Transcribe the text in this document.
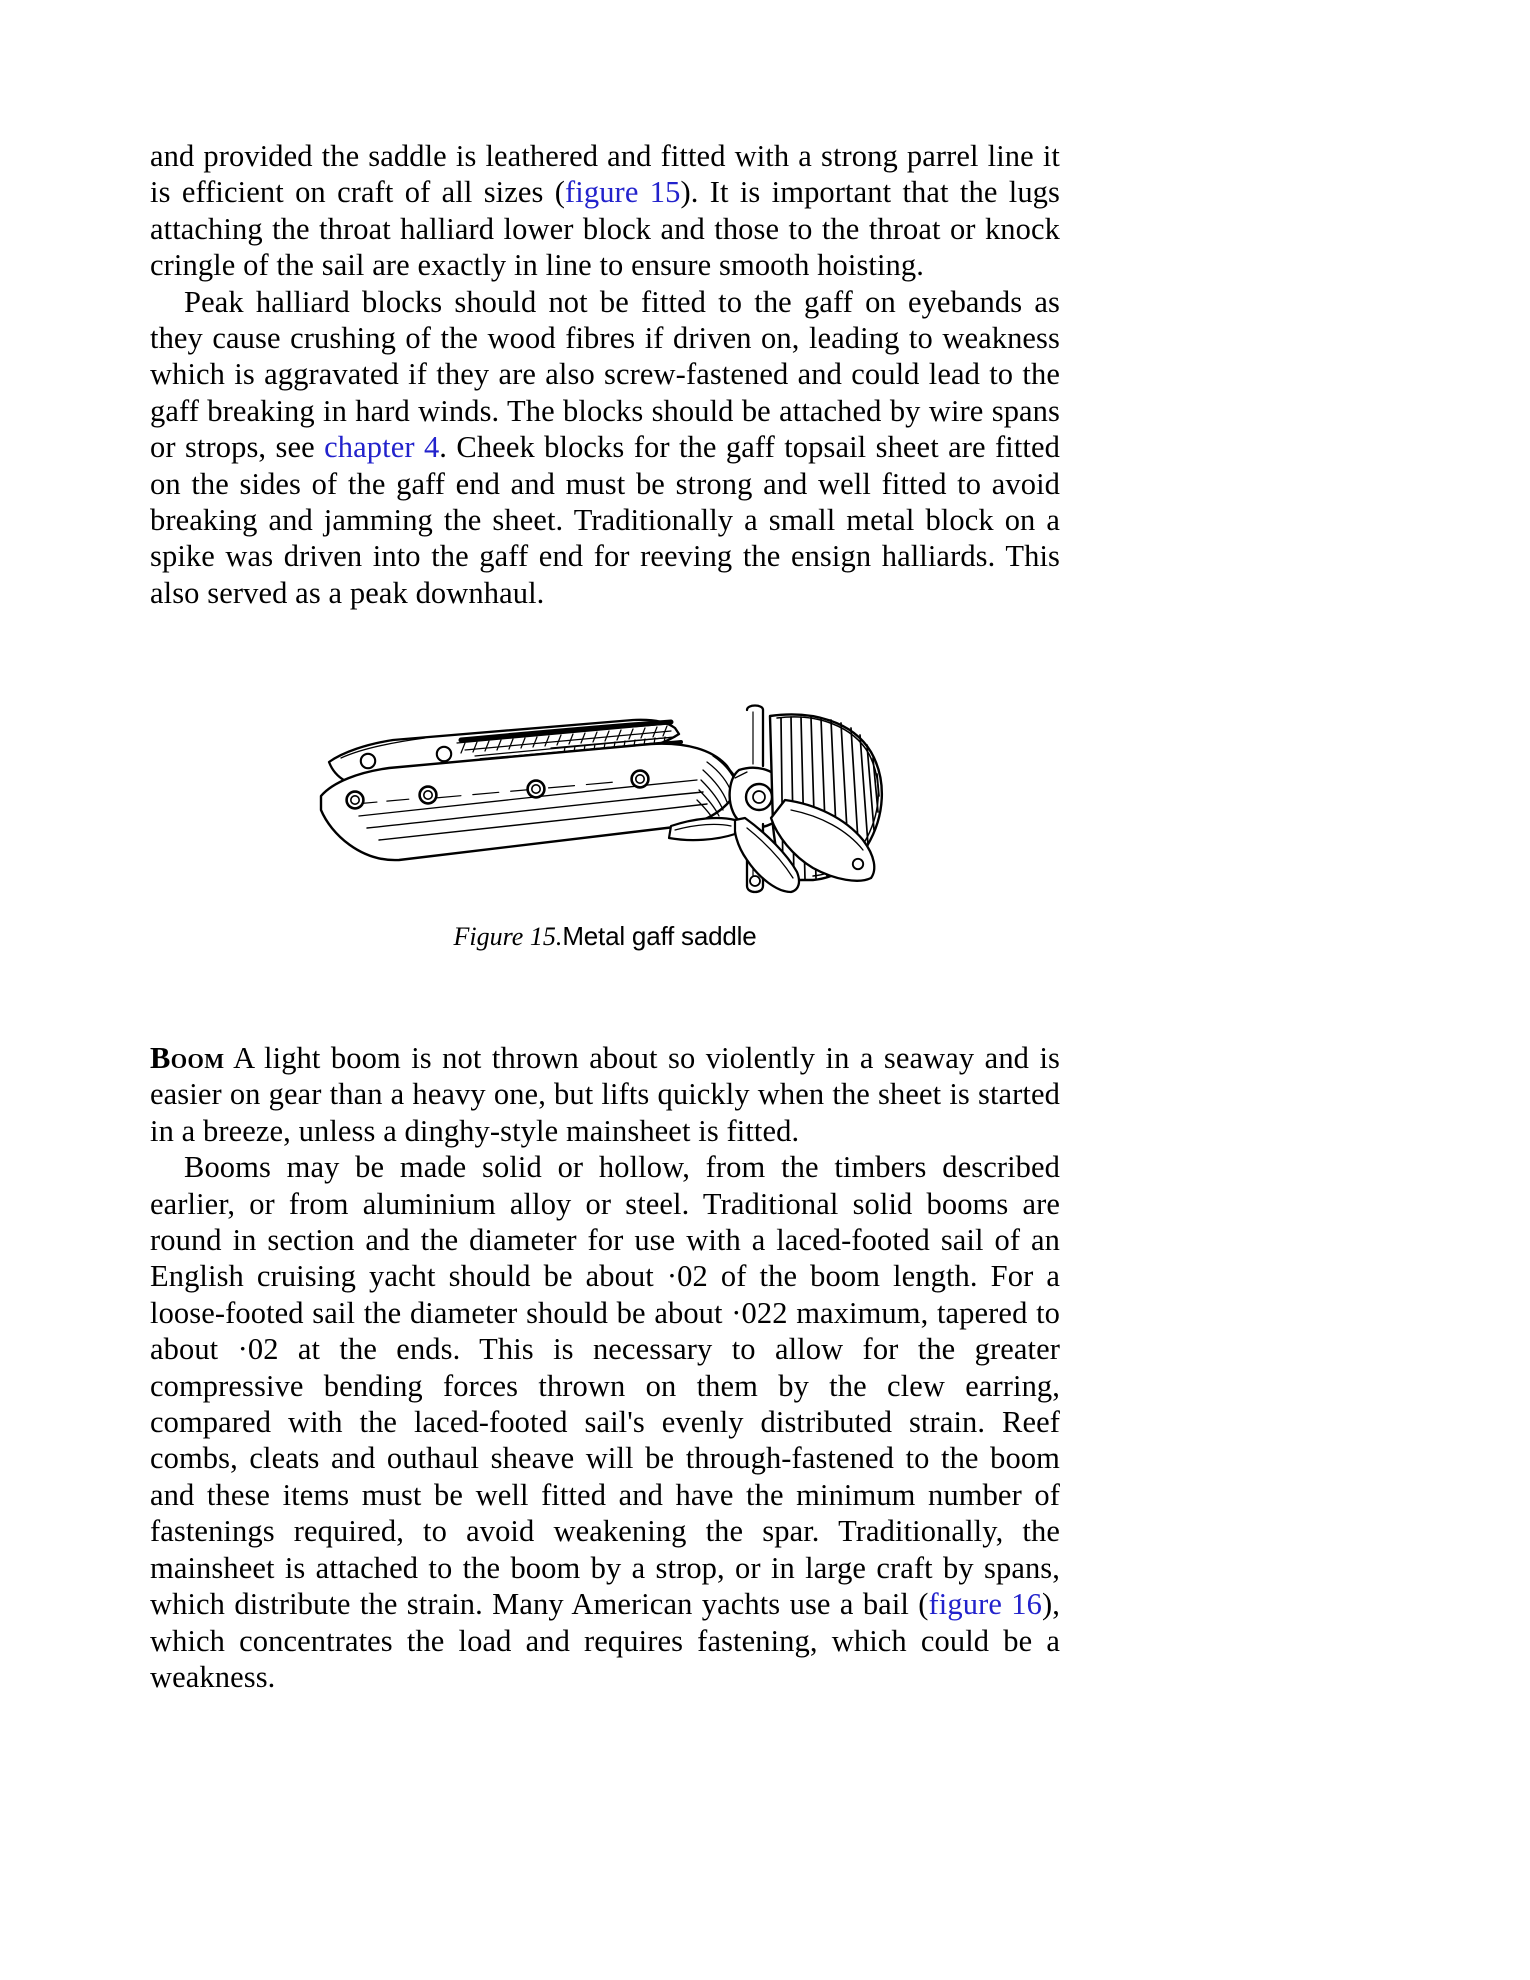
and provided the saddle is leathered and fitted with a strong parrel line it is efficient on craft of all sizes (figure 15). It is important that the lugs attaching the throat halliard lower block and those to the throat or knock cringle of the sail are exactly in line to ensure smooth hoisting.

Peak halliard blocks should not be fitted to the gaff on eyebands as they cause crushing of the wood fibres if driven on, leading to weakness which is aggravated if they are also screw-fastened and could lead to the gaff breaking in hard winds. The blocks should be attached by wire spans or strops, see chapter 4. Cheek blocks for the gaff topsail sheet are fitted on the sides of the gaff end and must be strong and well fitted to avoid breaking and jamming the sheet. Traditionally a small metal block on a spike was driven into the gaff end for reeving the ensign halliards. This also served as a peak downhaul.

Figure 15.Metal gaff saddle

Boom A light boom is not thrown about so violently in a seaway and is easier on gear than a heavy one, but lifts quickly when the sheet is started in a breeze, unless a dinghy-style mainsheet is fitted.

Booms may be made solid or hollow, from the timbers described earlier, or from aluminium alloy or steel. Traditional solid booms are round in section and the diameter for use with a laced-footed sail of an English cruising yacht should be about ·02 of the boom length. For a loose-footed sail the diameter should be about ·022 maximum, tapered to about ·02 at the ends. This is necessary to allow for the greater compressive bending forces thrown on them by the clew earring, compared with the laced-footed sail's evenly distributed strain. Reef combs, cleats and outhaul sheave will be through-fastened to the boom and these items must be well fitted and have the minimum number of fastenings required, to avoid weakening the spar. Traditionally, the mainsheet is attached to the boom by a strop, or in large craft by spans, which distribute the strain. Many American yachts use a bail (figure 16), which concentrates the load and requires fastening, which could be a weakness.
